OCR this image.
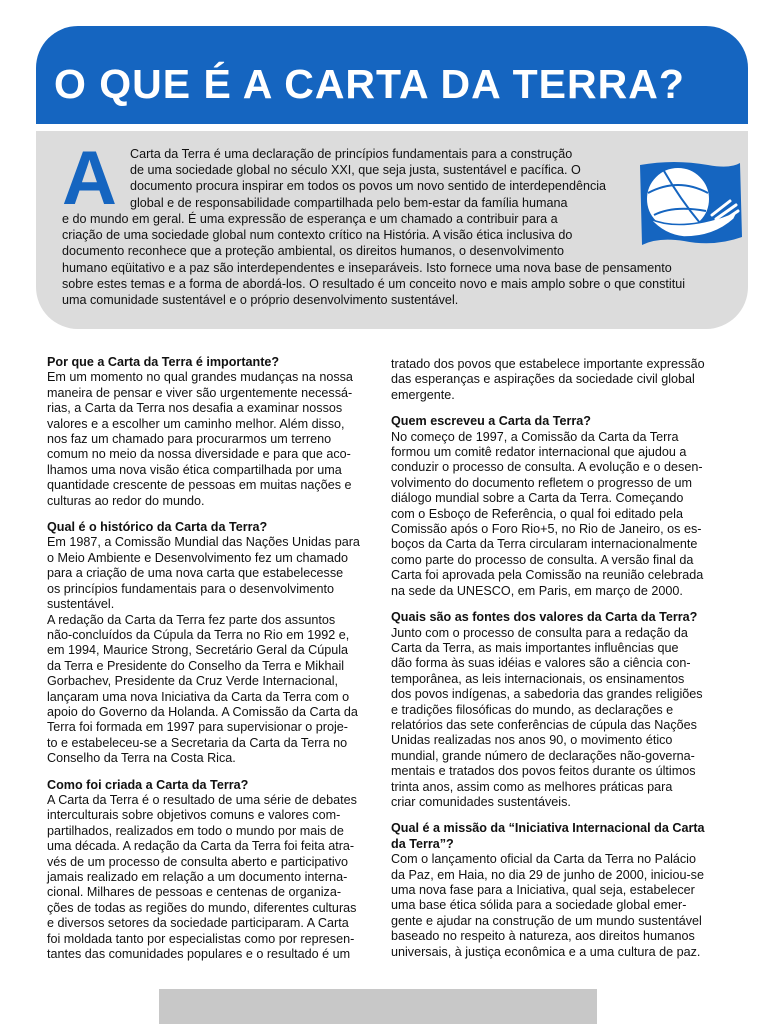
O QUE É A CARTA DA TERRA?
A Carta da Terra é uma declaração de princípios fundamentais para a construção
de uma sociedade global no século XXI, que seja justa, sustentável e pacífica. O
documento procura inspirar em todos os povos um novo sentido de interdependência
global e de responsabilidade compartilhada pelo bem-estar da família humana
e do mundo em geral. É uma expressão de esperança e um chamado a contribuir para a
criação de uma sociedade global num contexto crítico na História. A visão ética inclusiva do
documento reconhece que a proteção ambiental, os direitos humanos, o desenvolvimento
humano eqüitativo e a paz são interdependentes e inseparáveis. Isto fornece uma nova base de pensamento
sobre estes temas e a forma de abordá-los. O resultado é um conceito novo e mais amplo sobre o que constitui
uma comunidade sustentável e o próprio desenvolvimento sustentável.
Por que a Carta da Terra é importante?
Em um momento no qual grandes mudanças na nossa
maneira de pensar e viver são urgentemente necessá-
rias, a Carta da Terra nos desafia a examinar nossos
valores e a escolher um caminho melhor. Além disso,
nos faz um chamado para procurarmos um terreno
comum no meio da nossa diversidade e para que aco-
lhamos uma nova visão ética compartilhada por uma
quantidade crescente de pessoas em muitas nações e
culturas ao redor do mundo.
Qual é o histórico da Carta da Terra?
Em 1987, a Comissão Mundial das Nações Unidas para
o Meio Ambiente e Desenvolvimento fez um chamado
para a criação de uma nova carta que estabelecesse
os princípios fundamentais para o desenvolvimento
sustentável.
A redação da Carta da Terra fez parte dos assuntos
não-concluídos da Cúpula da Terra no Rio em 1992 e,
em 1994, Maurice Strong, Secretário Geral da Cúpula
da Terra e Presidente do Conselho da Terra e Mikhail
Gorbachev, Presidente da Cruz Verde Internacional,
lançaram uma nova Iniciativa da Carta da Terra com o
apoio do Governo da Holanda. A Comissão da Carta da
Terra foi formada em 1997 para supervisionar o proje-
to e estabeleceu-se a Secretaria da Carta da Terra no
Conselho da Terra na Costa Rica.
Como foi criada a Carta da Terra?
A Carta da Terra é o resultado de uma série de debates
interculturais sobre objetivos comuns e valores com-
partilhados, realizados em todo o mundo por mais de
uma década. A redação da Carta da Terra foi feita atra-
vés de um processo de consulta aberto e participativo
jamais realizado em relação a um documento interna-
cional. Milhares de pessoas e centenas de organiza-
ções de todas as regiões do mundo, diferentes culturas
e diversos setores da sociedade participaram. A Carta
foi moldada tanto por especialistas como por represen-
tantes das comunidades populares e o resultado é um
tratado dos povos que estabelece importante expressão
das esperanças e aspirações da sociedade civil global
emergente.
Quem escreveu a Carta da Terra?
No começo de 1997, a Comissão da Carta da Terra
formou um comitê redator internacional que ajudou a
conduzir o processo de consulta. A evolução e o desen-
volvimento do documento refletem o progresso de um
diálogo mundial sobre a Carta da Terra. Começando
com o Esboço de Referência, o qual foi editado pela
Comissão após o Foro Rio+5, no Rio de Janeiro, os es-
boços da Carta da Terra circularam internacionalmente
como parte do processo de consulta. A versão final da
Carta foi aprovada pela Comissão na reunião celebrada
na sede da UNESCO, em Paris, em março de 2000.
Quais são as fontes dos valores da Carta da Terra?
Junto com o processo de consulta para a redação da
Carta da Terra, as mais importantes influências que
dão forma às suas idéias e valores são a ciência con-
temporânea, as leis internacionais, os ensinamentos
dos povos indígenas, a sabedoria das grandes religiões
e tradições filosóficas do mundo, as declarações e
relatórios das sete conferências de cúpula das Nações
Unidas realizadas nos anos 90, o movimento ético
mundial, grande número de declarações não-governa-
mentais e tratados dos povos feitos durante os últimos
trinta anos, assim como as melhores práticas para
criar comunidades sustentáveis.
Qual é a missão da “Iniciativa Internacional da Carta
da Terra”?
Com o lançamento oficial da Carta da Terra no Palácio
da Paz, em Haia, no dia 29 de junho de 2000, iniciou-se
uma nova fase para a Iniciativa, qual seja, estabelecer
uma base ética sólida para a sociedade global emer-
gente e ajudar na construção de um mundo sustentável
baseado no respeito à natureza, aos direitos humanos
universais, à justiça econômica e a uma cultura de paz.
